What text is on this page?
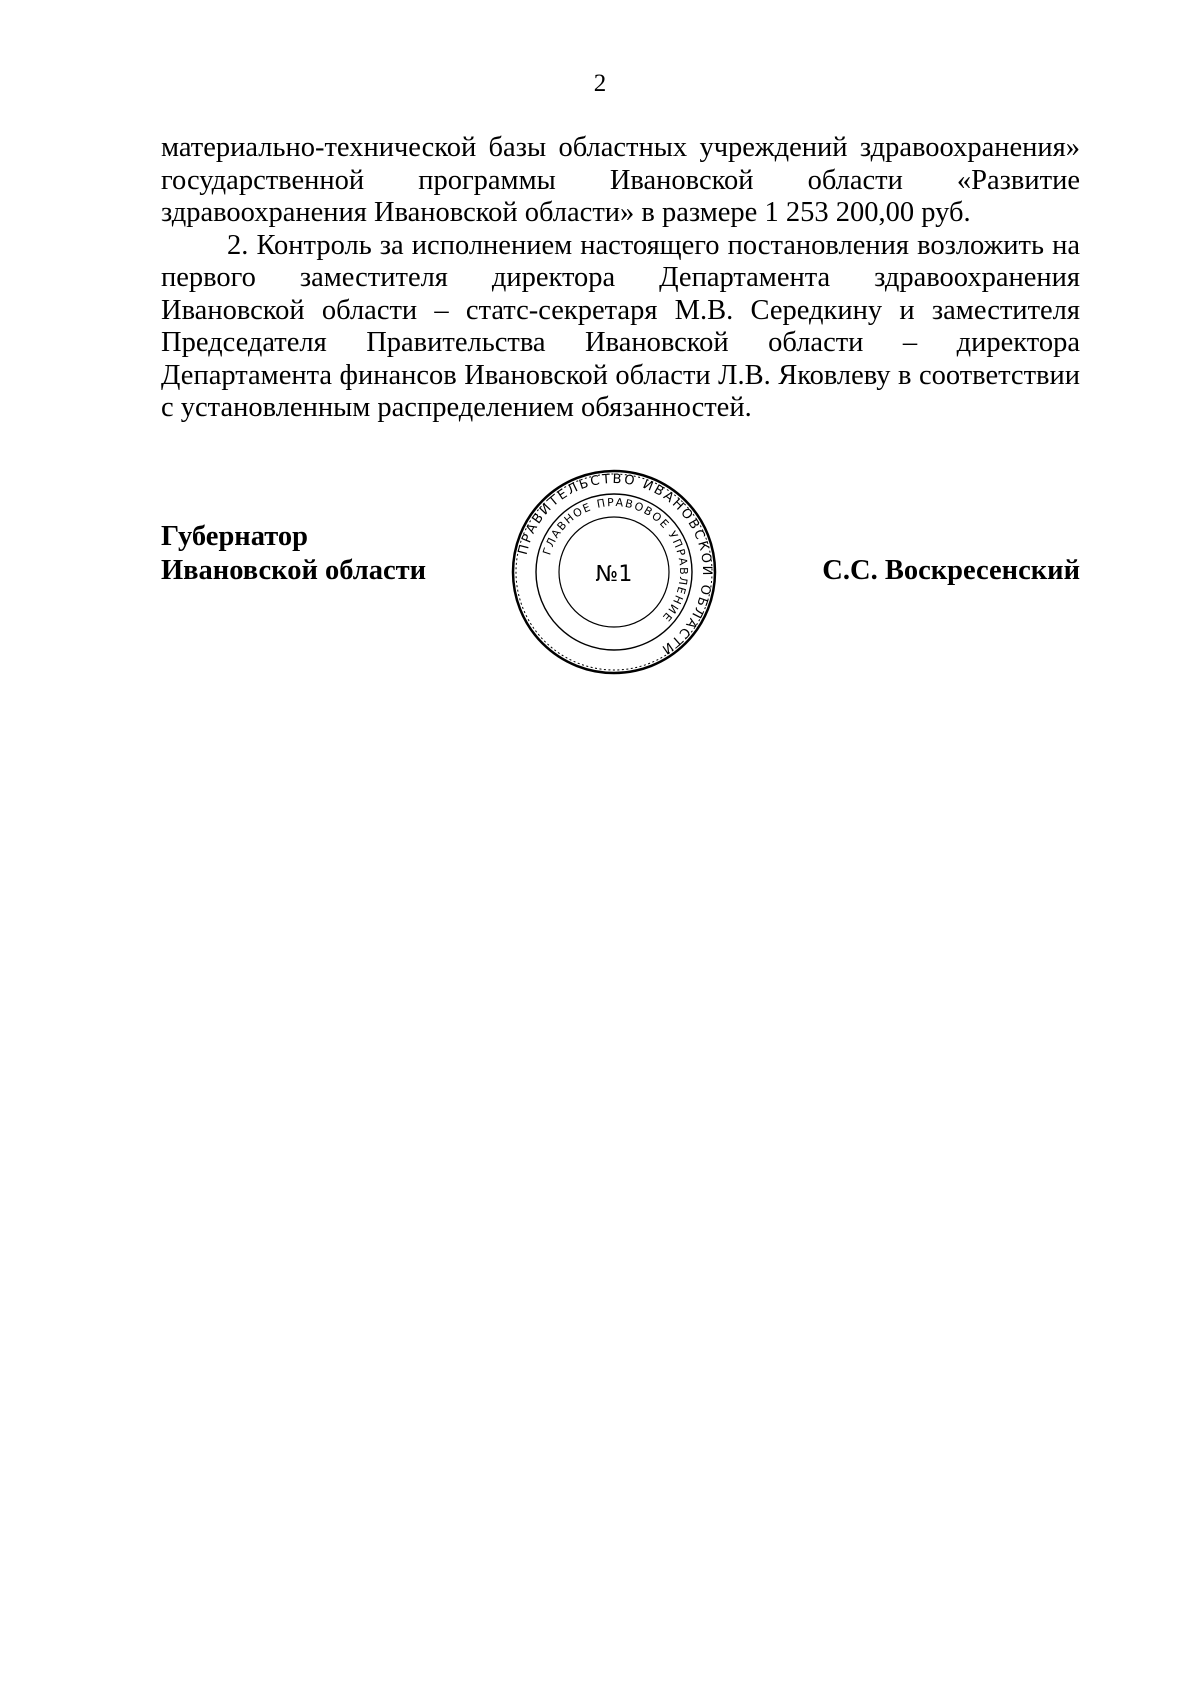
2

материально-технической базы областных учреждений здравоохранения» государственной программы Ивановской области «Развитие здравоохранения Ивановской области» в размере 1 253 200,00 руб.

2. Контроль за исполнением настоящего постановления возложить на первого заместителя директора Департамента здравоохранения Ивановской области – статс-секретаря М.В. Середкину и заместителя Председателя Правительства Ивановской области – директора Департамента финансов Ивановской области Л.В. Яковлеву в соответствии с установленным распределением обязанностей.

Губернатор
Ивановской области
ПРАВИТЕЛЬСТВО ИВАНОВСКОЙ ОБЛАСТИ
ГЛАВНОЕ ПРАВОВОЕ УПРАВЛЕНИЕ
№1	С.С. Воскресенский
